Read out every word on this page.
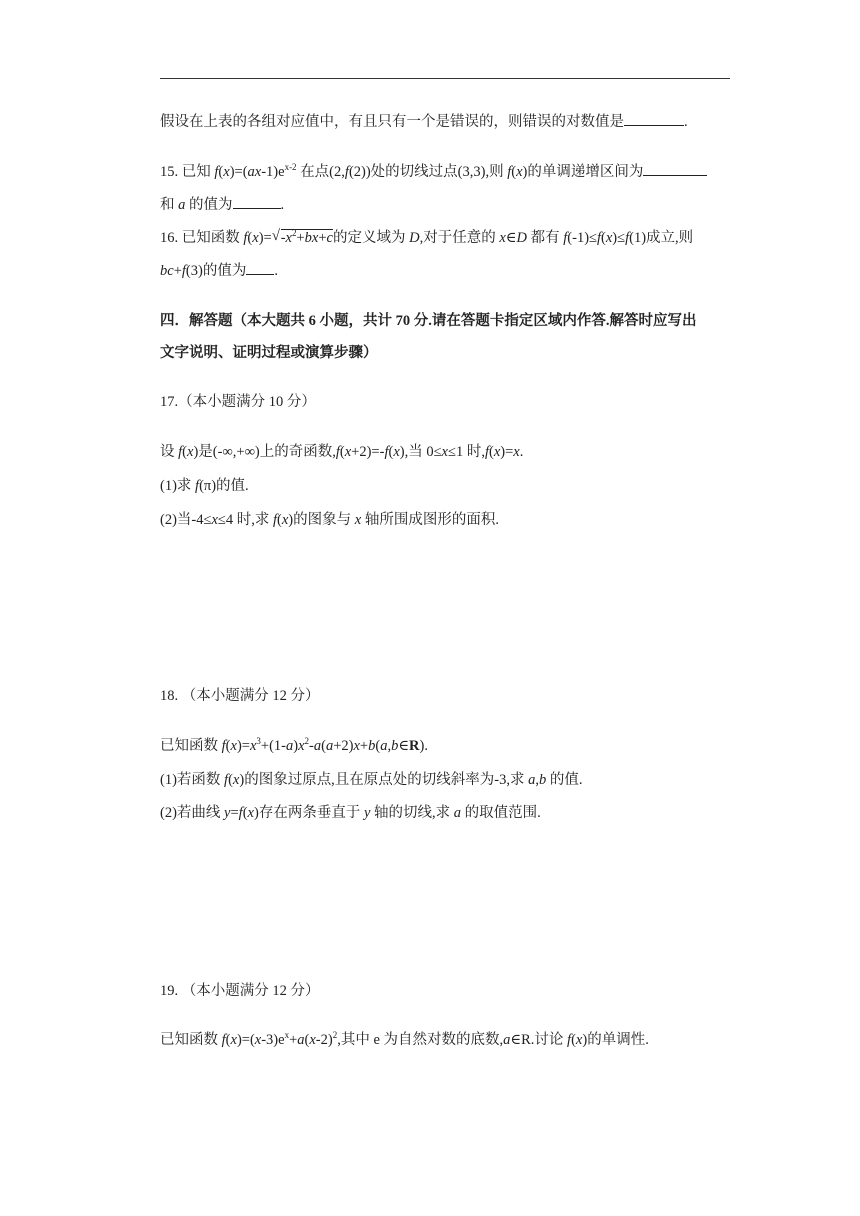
假设在上表的各组对应值中，有且只有一个是错误的，则错误的对数值是	.
15. 已知 $f(x)=(ax-1)e^{x-2}$ 在点(2,f(2))处的切线过点(3,3),则 f(x)的单调递增区间为
和 a 的值为	.
16. 已知函数 f(x)= √ $-x^2+bx+c$的定义域为 D,对于任意的 x∈D 都有 f(-1)≤f(x)≤f(1)成立,则
bc+f(3)的值为 .
四．解答题（本大题共 6 小题，共计 70 分.请在答题卡指定区域内作答.解答时应写出
文字说明、证明过程或演算步骤）
17.（本小题满分 10 分）
设 f(x)是(-∞,+∞)上的奇函数,f(x+2)=-f(x),当 0≤x≤1 时,f(x)=x.
(1)求 f(π)的值.
(2)当-4≤x≤4 时,求 f(x)的图象与 x 轴所围成图形的面积.
18. （本小题满分 12 分）
已知函数 $f(x)=x^3+(1-a)x^2-a(a+2)x+b(a,b\in R)$.
(1)若函数 f(x)的图象过原点,且在原点处的切线斜率为-3,求 a,b 的值.
(2)若曲线 y=f(x)存在两条垂直于 y 轴的切线,求 a 的取值范围.
19. （本小题满分 12 分）
已知函数 $f(x)=(x-3)e^x+a(x-2)^2$,其中 e 为自然对数的底数,a∈R.讨论 f(x)的单调性.
